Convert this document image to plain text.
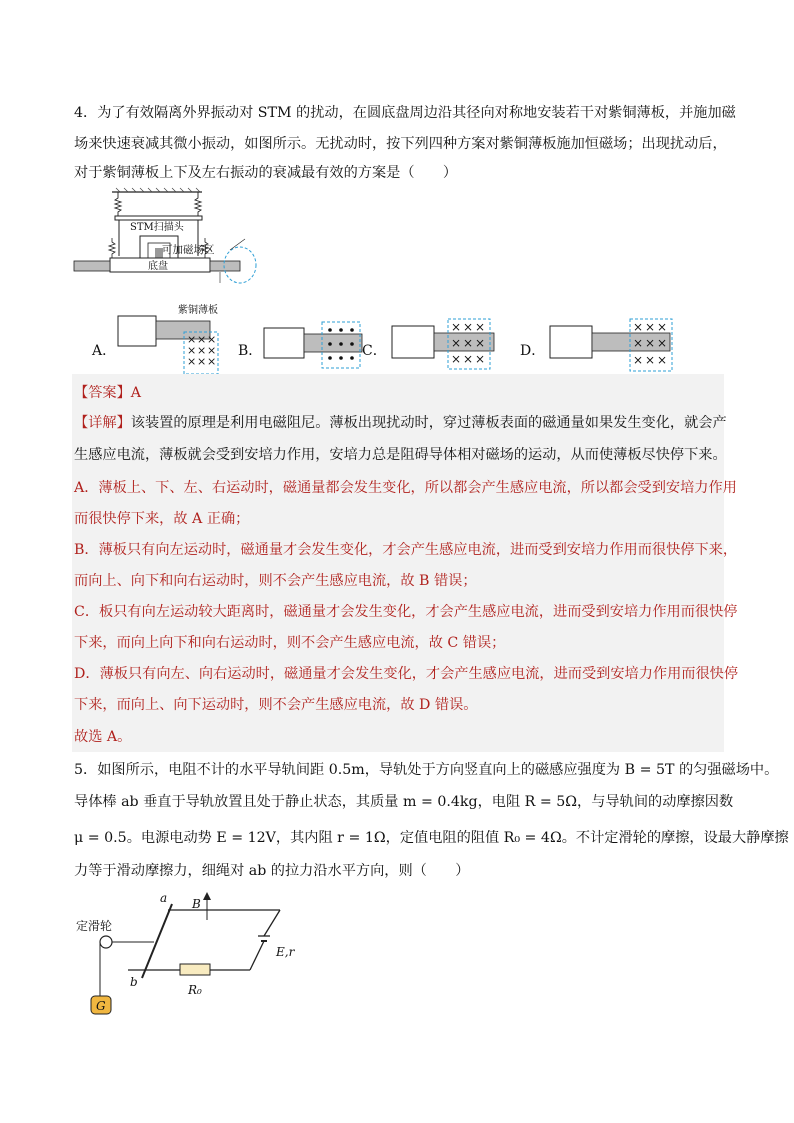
4．为了有效隔离外界振动对 STM 的扰动，在圆底盘周边沿其径向对称地安装若干对紫铜薄板，并施加磁
场来快速衰减其微小振动，如图所示。无扰动时，按下列四种方案对紫铜薄板施加恒磁场；出现扰动后，
对于紫铜薄板上下及左右振动的衰减最有效的方案是（　　）
STM扫描头
底盘
紫铜薄板
可加磁场区
A．
× × ×
× × ×
× × ×
B．	C．
× × ×
× × ×
× × × D．
× × ×
× × ×
× × ×
【答案】A
【详解】该装置的原理是利用电磁阻尼。薄板出现扰动时，穿过薄板表面的磁通量如果发生变化，就会产
生感应电流，薄板就会受到安培力作用，安培力总是阻碍导体相对磁场的运动，从而使薄板尽快停下来。
A．薄板上、下、左、右运动时，磁通量都会发生变化，所以都会产生感应电流，所以都会受到安培力作用
而很快停下来，故 A 正确；
B．薄板只有向左运动时，磁通量才会发生变化，才会产生感应电流，进而受到安培力作用而很快停下来，
而向上、向下和向右运动时，则不会产生感应电流，故 B 错误；
C．板只有向左运动较大距离时，磁通量才会发生变化，才会产生感应电流，进而受到安培力作用而很快停
下来，而向上向下和向右运动时，则不会产生感应电流，故 C 错误；
D．薄板只有向左、向右运动时，磁通量才会发生变化，才会产生感应电流，进而受到安培力作用而很快停
下来，而向上、向下运动时，则不会产生感应电流，故 D 错误。
故选 A。
5．如图所示，电阻不计的水平导轨间距 0.5m，导轨处于方向竖直向上的磁感应强度为 B = 5T 的匀强磁场中。
导体棒 ab 垂直于导轨放置且处于静止状态，其质量 m = 0.4kg，电阻 R = 5Ω，与导轨间的动摩擦因数
μ = 0.5。电源电动势 E = 12V，其内阻 r = 1Ω，定值电阻的阻值 R₀ = 4Ω。不计定滑轮的摩擦，设最大静摩擦
力等于滑动摩擦力，细绳对 ab 的拉力沿水平方向，则（　　）
定滑轮
G
a
b
B
R₀
E,r
